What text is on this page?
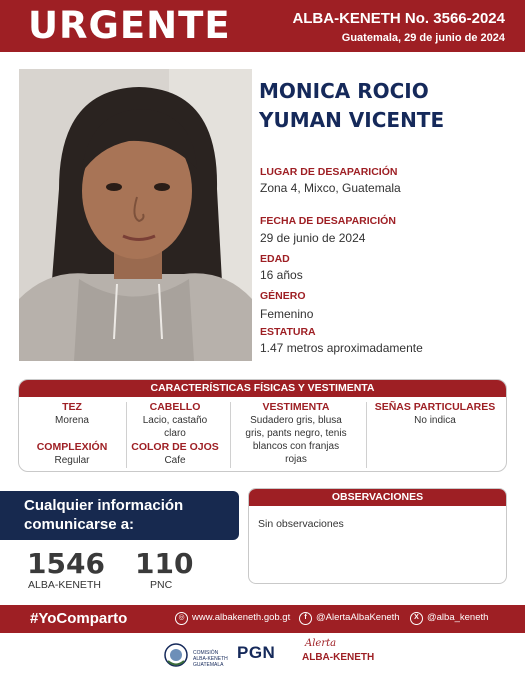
URGENTE	ALBA-KENETH No. 3566-2024
Guatemala, 29 de junio de 2024
MONICA ROCIO
YUMAN VICENTE
LUGAR DE DESAPARICIÓN
Zona 4, Mixco, Guatemala
FECHA DE DESAPARICIÓN
29 de junio de 2024
EDAD
16 años
GÉNERO
Femenino
ESTATURA
1.47 metros aproximadamente
CARACTERÍSTICAS FÍSICAS Y VESTIMENTA
TEZ
Morena
COMPLEXIÓN
Regular
CABELLO
Lacio, castaño
claro
COLOR DE OJOS
Cafe
VESTIMENTA
Sudadero gris, blusa
gris, pants negro, tenis
blancos con franjas
rojas
SEÑAS PARTICULARES
No indica
Cualquier información
comunicarse a:
1546
ALBA-KENETH
110
PNC
OBSERVACIONES
Sin observaciones
#YoComparto	◎ www.albakeneth.gob.gt	f @AlertaAlbaKeneth	X @alba_keneth
COMISIÓN ALBA-KENETH GUATEMALA
PGN	Alerta
ALBA-KENETH
